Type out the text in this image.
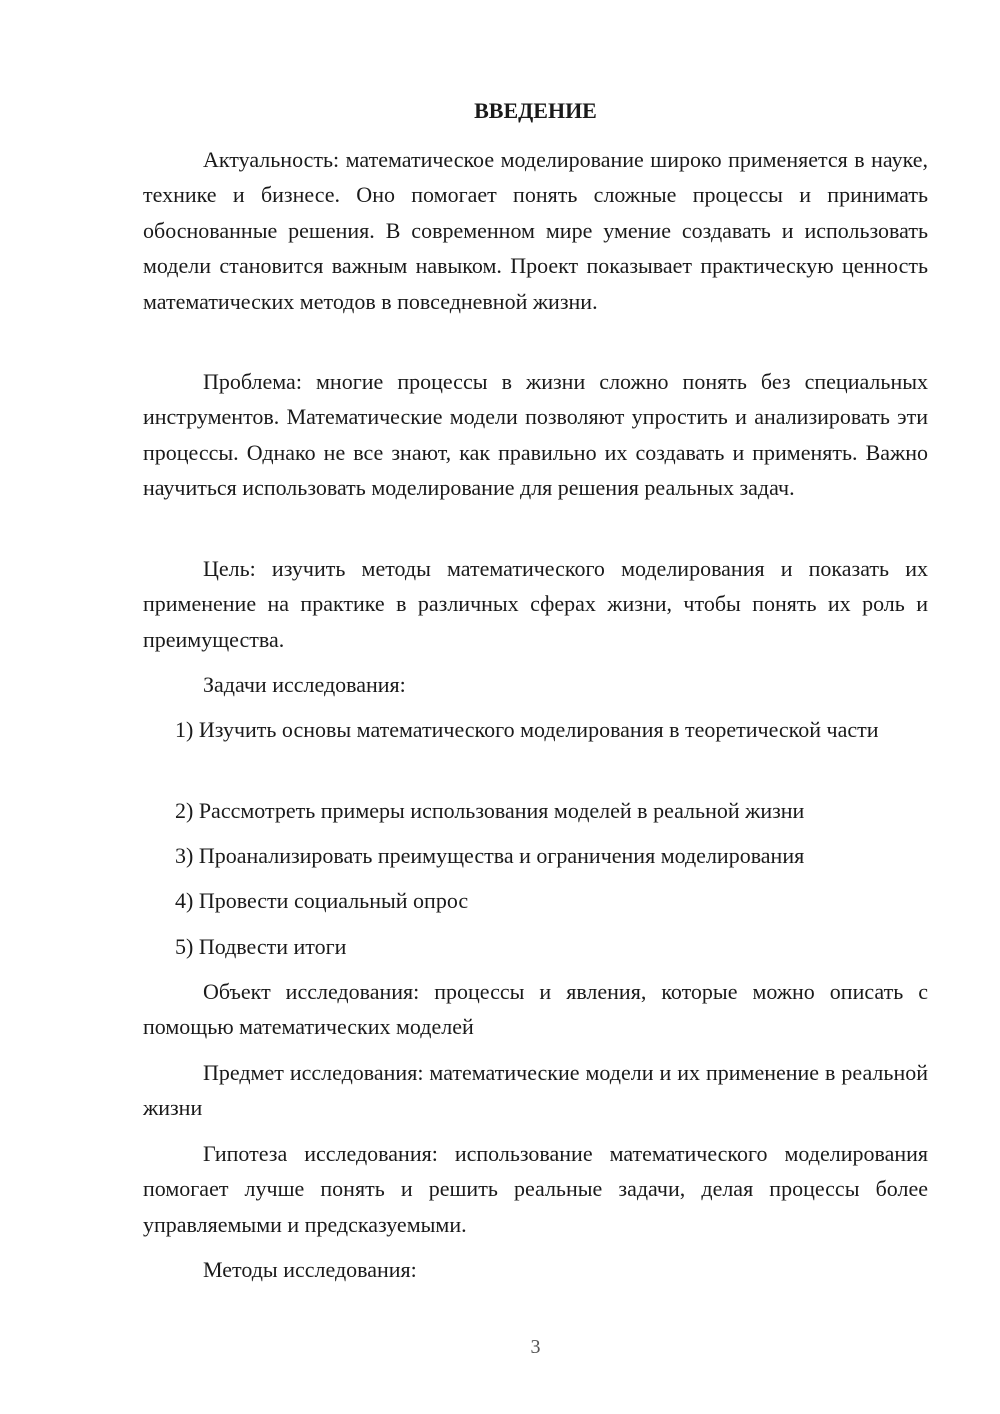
ВВЕДЕНИЕ

Актуальность: математическое моделирование широко применяется в науке, технике и бизнесе. Оно помогает понять сложные процессы и принимать обоснованные решения. В современном мире умение создавать и использовать модели становится важным навыком. Проект показывает практическую ценность математических методов в повседневной жизни.

Проблема: многие процессы в жизни сложно понять без специальных инструментов. Математические модели позволяют упростить и анализировать эти процессы. Однако не все знают, как правильно их создавать и применять. Важно научиться использовать моделирование для решения реальных задач.

Цель: изучить методы математического моделирования и показать их применение на практике в различных сферах жизни, чтобы понять их роль и преимущества.

Задачи исследования:

1) Изучить основы математического моделирования в теоретической части

2) Рассмотреть примеры использования моделей в реальной жизни

3) Проанализировать преимущества и ограничения моделирования

4) Провести социальный опрос

5) Подвести итоги

Объект исследования: процессы и явления, которые можно описать с помощью математических моделей

Предмет исследования: математические модели и их применение в реальной жизни

Гипотеза исследования: использование математического моделирования помогает лучше понять и решить реальные задачи, делая процессы более управляемыми и предсказуемыми.

Методы исследования:

3
